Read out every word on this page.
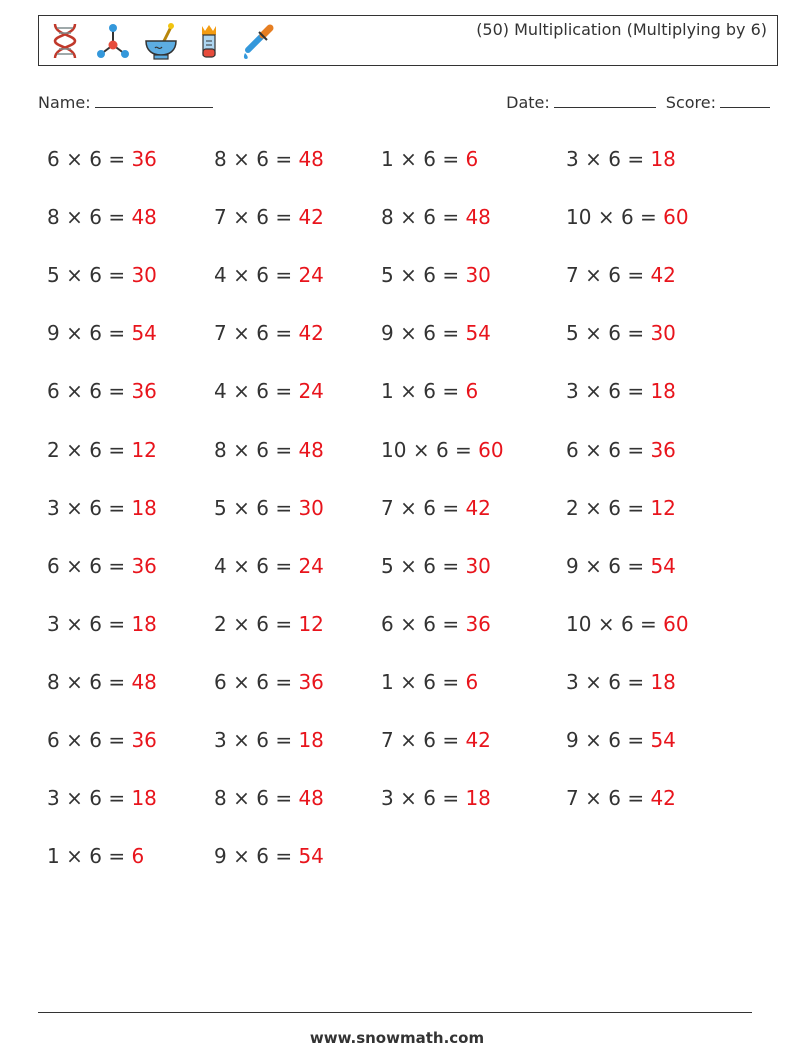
(50) Multiplication (Multiplying by 6)
Name:	Date:	Score:
6 × 6 = 36	8 × 6 = 48	1 × 6 = 6	3 × 6 = 18
8 × 6 = 48	7 × 6 = 42	8 × 6 = 48	10 × 6 = 60
5 × 6 = 30	4 × 6 = 24	5 × 6 = 30	7 × 6 = 42
9 × 6 = 54	7 × 6 = 42	9 × 6 = 54	5 × 6 = 30
6 × 6 = 36	4 × 6 = 24	1 × 6 = 6	3 × 6 = 18
2 × 6 = 12	8 × 6 = 48	10 × 6 = 60	6 × 6 = 36
3 × 6 = 18	5 × 6 = 30	7 × 6 = 42	2 × 6 = 12
6 × 6 = 36	4 × 6 = 24	5 × 6 = 30	9 × 6 = 54
3 × 6 = 18	2 × 6 = 12	6 × 6 = 36	10 × 6 = 60
8 × 6 = 48	6 × 6 = 36	1 × 6 = 6	3 × 6 = 18
6 × 6 = 36	3 × 6 = 18	7 × 6 = 42	9 × 6 = 54
3 × 6 = 18	8 × 6 = 48	3 × 6 = 18	7 × 6 = 42
1 × 6 = 6	9 × 6 = 54
www.snowmath.com
